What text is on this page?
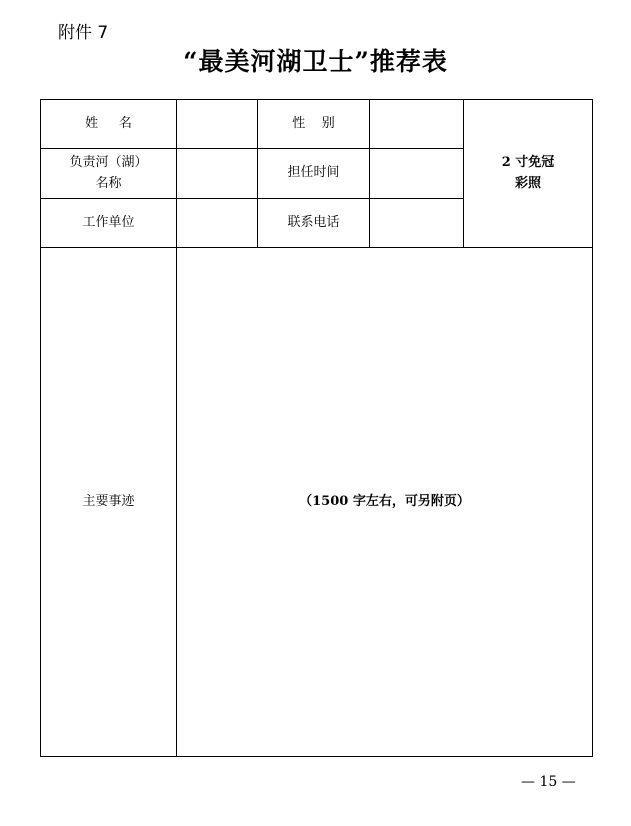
附件 7
“最美河湖卫士”推荐表
姓     名		性    别		2 寸免冠
彩照

负责河（湖）
名称		担任时间		
工作单位		联系电话		
主要事迹	（1500 字左右，可另附页）			
— 15 —
